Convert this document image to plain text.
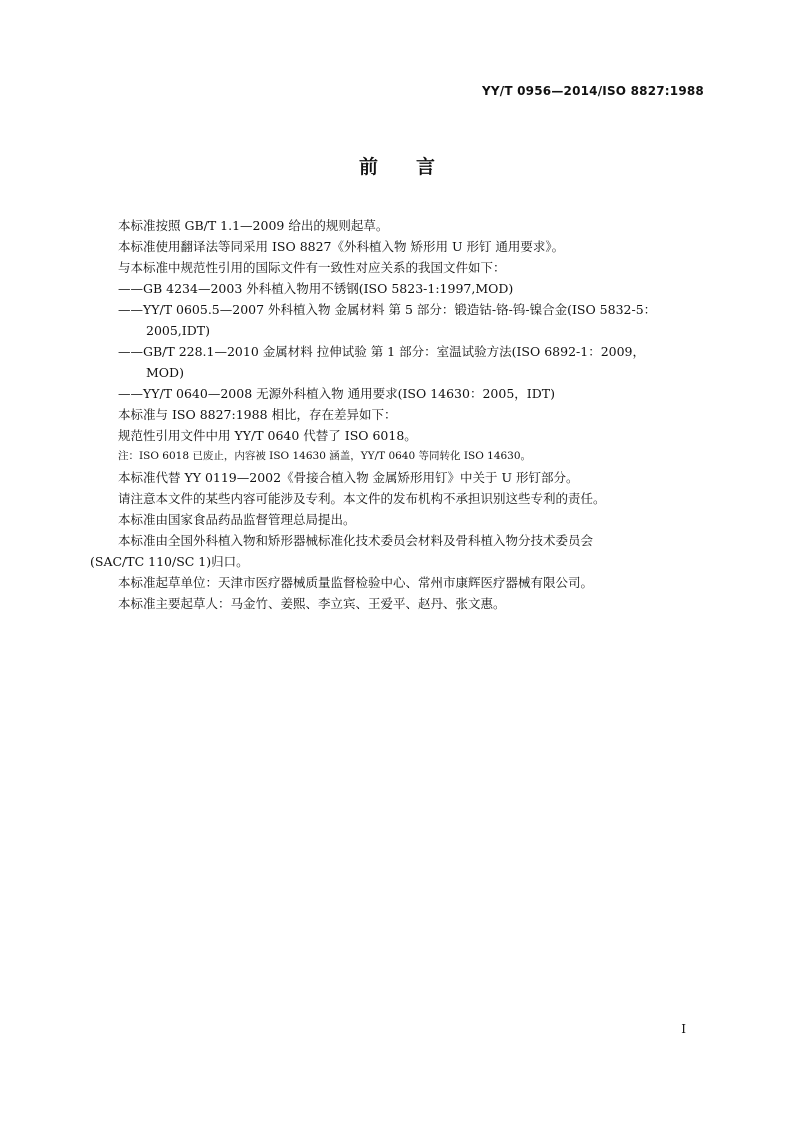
YY/T 0956—2014/ISO 8827:1988
前言

本标准按照 GB/T 1.1—2009 给出的规则起草。

本标准使用翻译法等同采用 ISO 8827《外科植入物 矫形用 U 形钉 通用要求》。

与本标准中规范性引用的国际文件有一致性对应关系的我国文件如下：

——GB 4234—2003 外科植入物用不锈钢(ISO 5823-1:1997,MOD)

——YY/T 0605.5—2007 外科植入物 金属材料 第 5 部分：锻造钴-铬-钨-镍合金(ISO 5832-5：
2005,IDT)

——GB/T 228.1—2010 金属材料 拉伸试验 第 1 部分：室温试验方法(ISO 6892-1：2009，
MOD)

——YY/T 0640—2008 无源外科植入物 通用要求(ISO 14630：2005，IDT)

本标准与 ISO 8827:1988 相比，存在差异如下：

规范性引用文件中用 YY/T 0640 代替了 ISO 6018。

注：ISO 6018 已废止，内容被 ISO 14630 涵盖，YY/T 0640 等同转化 ISO 14630。

本标准代替 YY 0119—2002《骨接合植入物 金属矫形用钉》中关于 U 形钉部分。

请注意本文件的某些内容可能涉及专利。本文件的发布机构不承担识别这些专利的责任。

本标准由国家食品药品监督管理总局提出。

本标准由全国外科植入物和矫形器械标准化技术委员会材料及骨科植入物分技术委员会
(SAC/TC 110/SC 1)归口。

本标准起草单位：天津市医疗器械质量监督检验中心、常州市康辉医疗器械有限公司。

本标准主要起草人：马金竹、姜熙、李立宾、王爱平、赵丹、张文惠。

I
